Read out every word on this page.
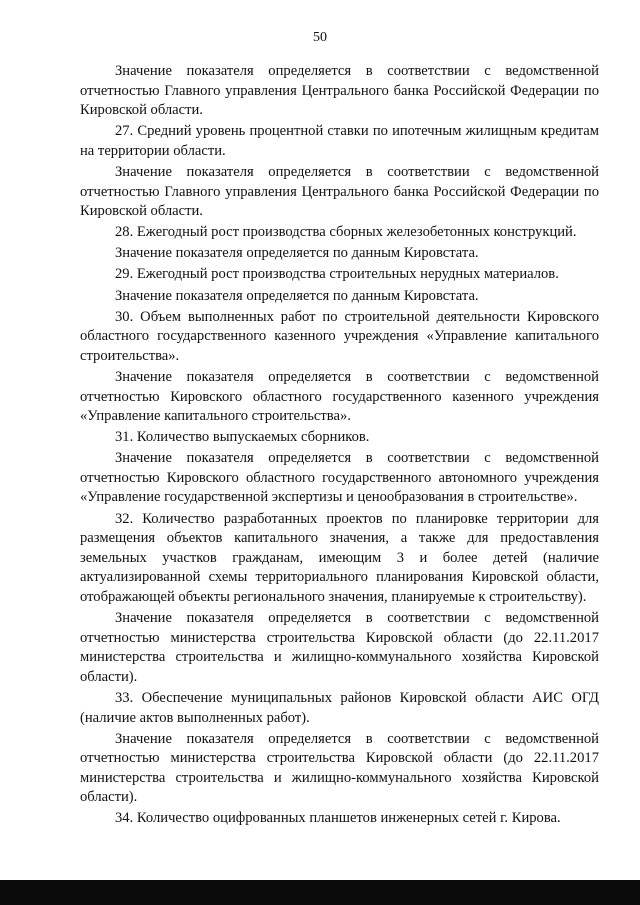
50

Значение показателя определяется в соответствии с ведомственной отчетностью Главного управления Центрального банка Российской Федерации по Кировской области.

27. Средний уровень процентной ставки по ипотечным жилищным кредитам на территории области.

Значение показателя определяется в соответствии с ведомственной отчетностью Главного управления Центрального банка Российской Федерации по Кировской области.

28. Ежегодный рост производства сборных железобетонных конструкций.

Значение показателя определяется по данным Кировстата.

29. Ежегодный рост производства строительных нерудных материалов.

Значение показателя определяется по данным Кировстата.

30. Объем выполненных работ по строительной деятельности Кировского областного государственного казенного учреждения «Управление капитального строительства».

Значение показателя определяется в соответствии с ведомственной отчетностью Кировского областного государственного казенного учреждения «Управление капитального строительства».

31. Количество выпускаемых сборников.

Значение показателя определяется в соответствии с ведомственной отчетностью Кировского областного государственного автономного учреждения «Управление государственной экспертизы и ценообразования в строительстве».

32. Количество разработанных проектов по планировке территории для размещения объектов капитального значения, а также для предоставления земельных участков гражданам, имеющим 3 и более детей (наличие актуализированной схемы территориального планирования Кировской области, отображающей объекты регионального значения, планируемые к строительству).

Значение показателя определяется в соответствии с ведомственной отчетностью министерства строительства Кировской области (до 22.11.2017 министерства строительства и жилищно-коммунального хозяйства Кировской области).

33. Обеспечение муниципальных районов Кировской области АИС ОГД (наличие актов выполненных работ).

Значение показателя определяется в соответствии с ведомственной отчетностью министерства строительства Кировской области (до 22.11.2017 министерства строительства и жилищно-коммунального хозяйства Кировской области).

34. Количество оцифрованных планшетов инженерных сетей г. Кирова.
